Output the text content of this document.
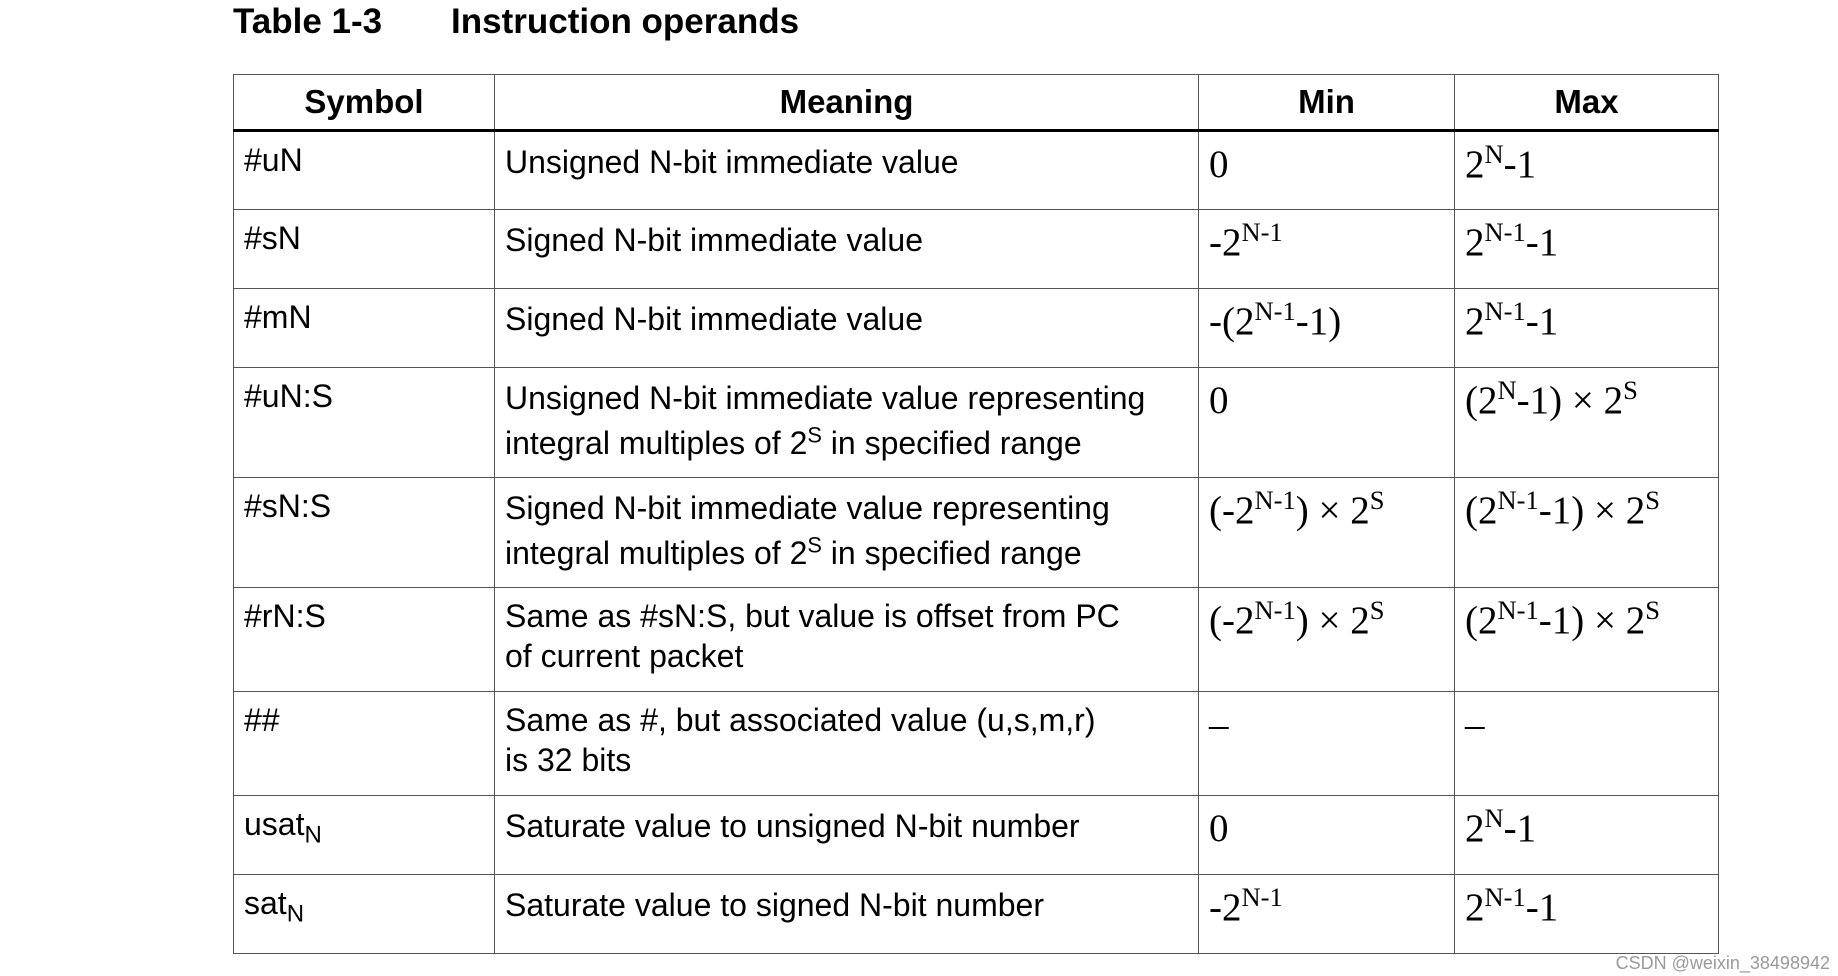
Table 1-3 Instruction operands
Symbol	Meaning	Min	Max
#uN	Unsigned N-bit immediate value	0	$2^N-1$
#sN	Signed N-bit immediate value	$-2^{N-1}$	$2^{N-1}-1$
#mN	Signed N-bit immediate value	$-(2^{N-1}-1)$	$2^{N-1}-1$
#uN:S	Unsigned N-bit immediate value representing
integral multiples of $2^S$ in specified range	0	$(2^N-1) \times 2^S$
#sN:S	Signed N-bit immediate value representing
integral multiples of $2^S$ in specified range	$(-2^{N-1}) \times 2^S$	$(2^{N-1}-1) \times 2^S$
#rN:S	Same as #sN:S, but value is offset from PC
of current packet	$(-2^{N-1}) \times 2^S$	$(2^{N-1}-1) \times 2^S$
##	Same as #, but associated value (u,s,m,r)
is 32 bits	–	–
usat$_N$	Saturate value to unsigned N-bit number	0	$2^N-1$
sat$_N$	Saturate value to signed N-bit number	$-2^{N-1}$	$2^{N-1}-1$
CSDN @weixin_38498942
